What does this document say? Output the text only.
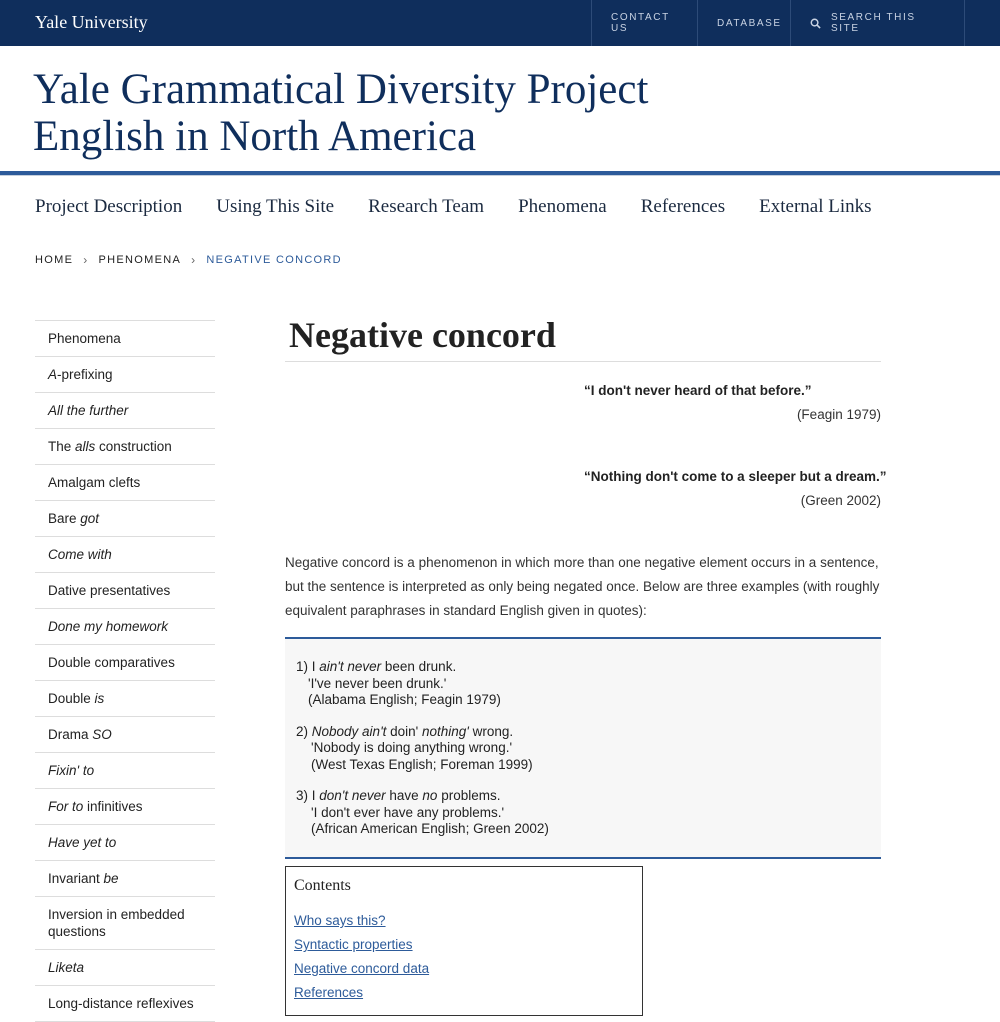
Yale University	CONTACT US	DATABASE	SEARCH THIS SITE
Yale Grammatical Diversity Project
English in North America
Project Description Using This Site Research Team Phenomena References External Links
HOME › PHENOMENA › NEGATIVE CONCORD
Phenomena
A-prefixing
All the further
The alls construction
Amalgam clefts
Bare got
Come with
Dative presentatives
Done my homework
Double comparatives
Double is
Drama SO
Fixin' to
For to infinitives
Have yet to
Invariant be
Inversion in embedded questions
Liketa
Long-distance reflexives
Negative concord
“I don't never heard of that before.”
(Feagin 1979)
“Nothing don't come to a sleeper but a dream.”
(Green 2002)

Negative concord is a phenomenon in which more than one negative element occurs in a sentence, but the sentence is interpreted as only being negated once. Below are three examples (with roughly equivalent paraphrases in standard English given in quotes):

1) I ain't never been drunk.
'I've never been drunk.'
(Alabama English; Feagin 1979)
2) Nobody ain't doin' nothing' wrong.
'Nobody is doing anything wrong.'
(West Texas English; Foreman 1999)
3) I don't never have no problems.
'I don't ever have any problems.'
(African American English; Green 2002)
Contents
Who says this?
Syntactic properties
Negative concord data
References
